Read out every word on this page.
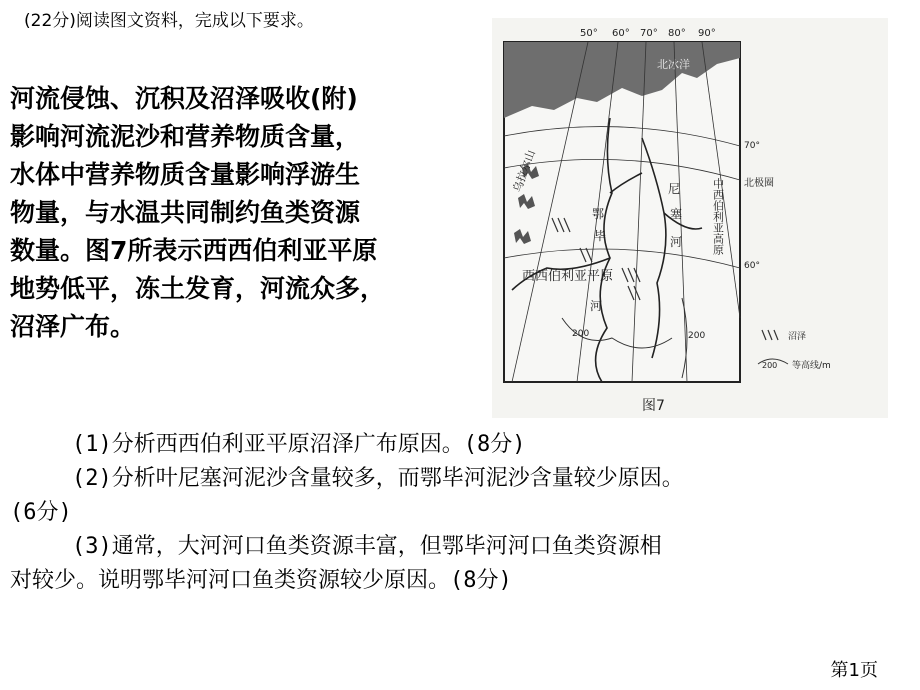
(22分)阅读图文资料，完成以下要求。
河流侵蚀、沉积及沼泽吸收(附)
影响河流泥沙和营养物质含量，
水体中营养物质含量影响浮游生
物量，与水温共同制约鱼类资源
数量。图7所表示西西伯利亚平原
地势低平，冻土发育，河流众多，
沼泽广布。
50° 60° 70° 80° 90°
北冰洋
70°
60°
北极圈
乌拉尔山
200	200
西西伯利亚平原
鄂
毕
河
尼
塞
河	中西伯利亚高原
沼泽
200 等高线/m
图7
(1)分析西西伯利亚平原沼泽广布原因。(8分)
(2)分析叶尼塞河泥沙含量较多，而鄂毕河泥沙含量较少原因。
(6分)
(3)通常，大河河口鱼类资源丰富，但鄂毕河河口鱼类资源相
对较少。说明鄂毕河河口鱼类资源较少原因。(8分)
第1页
